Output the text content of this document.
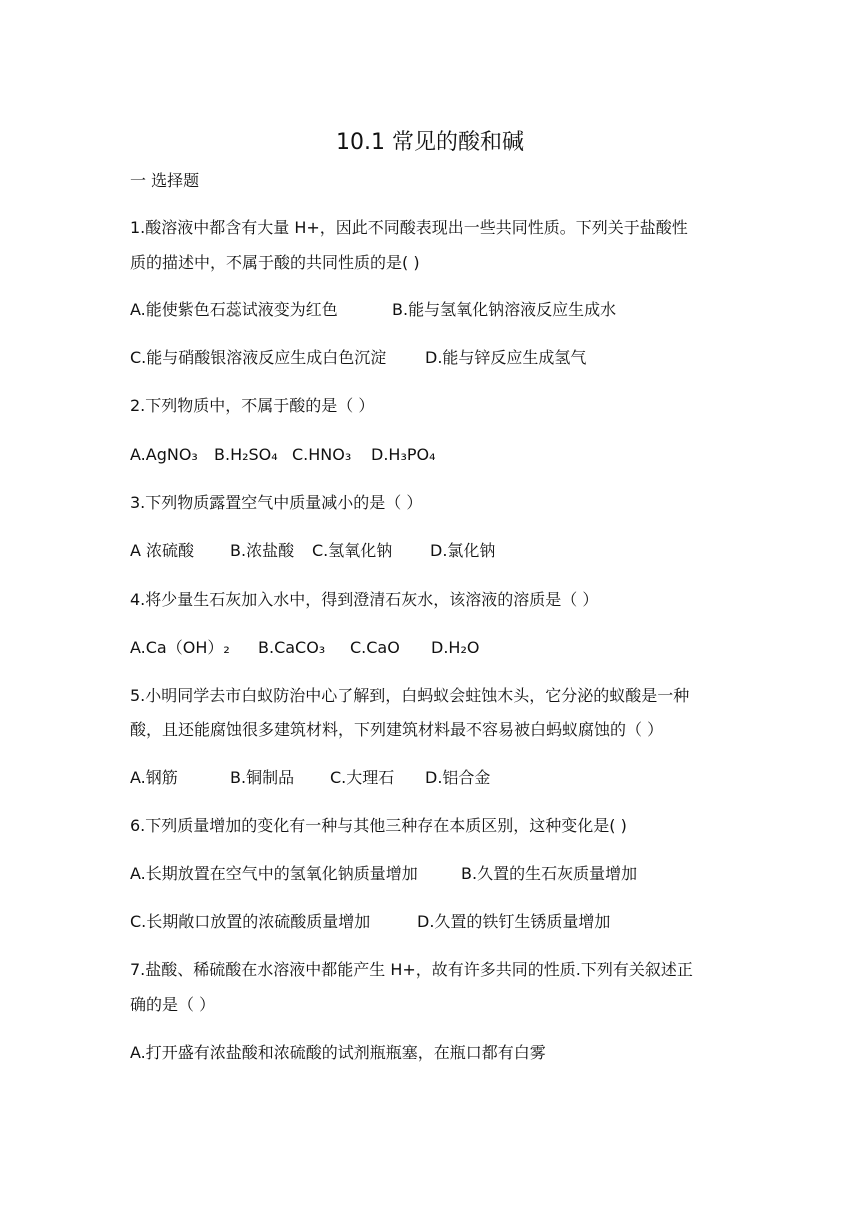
10.1 常见的酸和碱
一 选择题
1.酸溶液中都含有大量 H+，因此不同酸表现出一些共同性质。下列关于盐酸性
质的描述中，不属于酸的共同性质的是( )
A.能使紫色石蕊试液变为红色	B.能与氢氧化钠溶液反应生成水
C.能与硝酸银溶液反应生成白色沉淀 D.能与锌反应生成氢气
2.下列物质中，不属于酸的是（ ）
A.AgNO₃ B.H₂SO₄ C.HNO₃ D.H₃PO₄
3.下列物质露置空气中质量减小的是（ ）
A 浓硫酸 B.浓盐酸 C.氢氧化钠 D.氯化钠
4.将少量生石灰加入水中，得到澄清石灰水，该溶液的溶质是（ ）
A.Ca（OH）₂ B.CaCO₃ C.CaO D.H₂O
5.小明同学去市白蚁防治中心了解到，白蚂蚁会蛀蚀木头，它分泌的蚁酸是一种
酸，且还能腐蚀很多建筑材料，下列建筑材料最不容易被白蚂蚁腐蚀的（ ）
A.钢筋	B.铜制品 C.大理石 D.铝合金
6.下列质量增加的变化有一种与其他三种存在本质区别，这种变化是( )
A.长期放置在空气中的氢氧化钠质量增加	B.久置的生石灰质量增加
C.长期敞口放置的浓硫酸质量增加	D.久置的铁钉生锈质量增加
7.盐酸、稀硫酸在水溶液中都能产生 H+，故有许多共同的性质.下列有关叙述正
确的是（ ）
A.打开盛有浓盐酸和浓硫酸的试剂瓶瓶塞，在瓶口都有白雾
